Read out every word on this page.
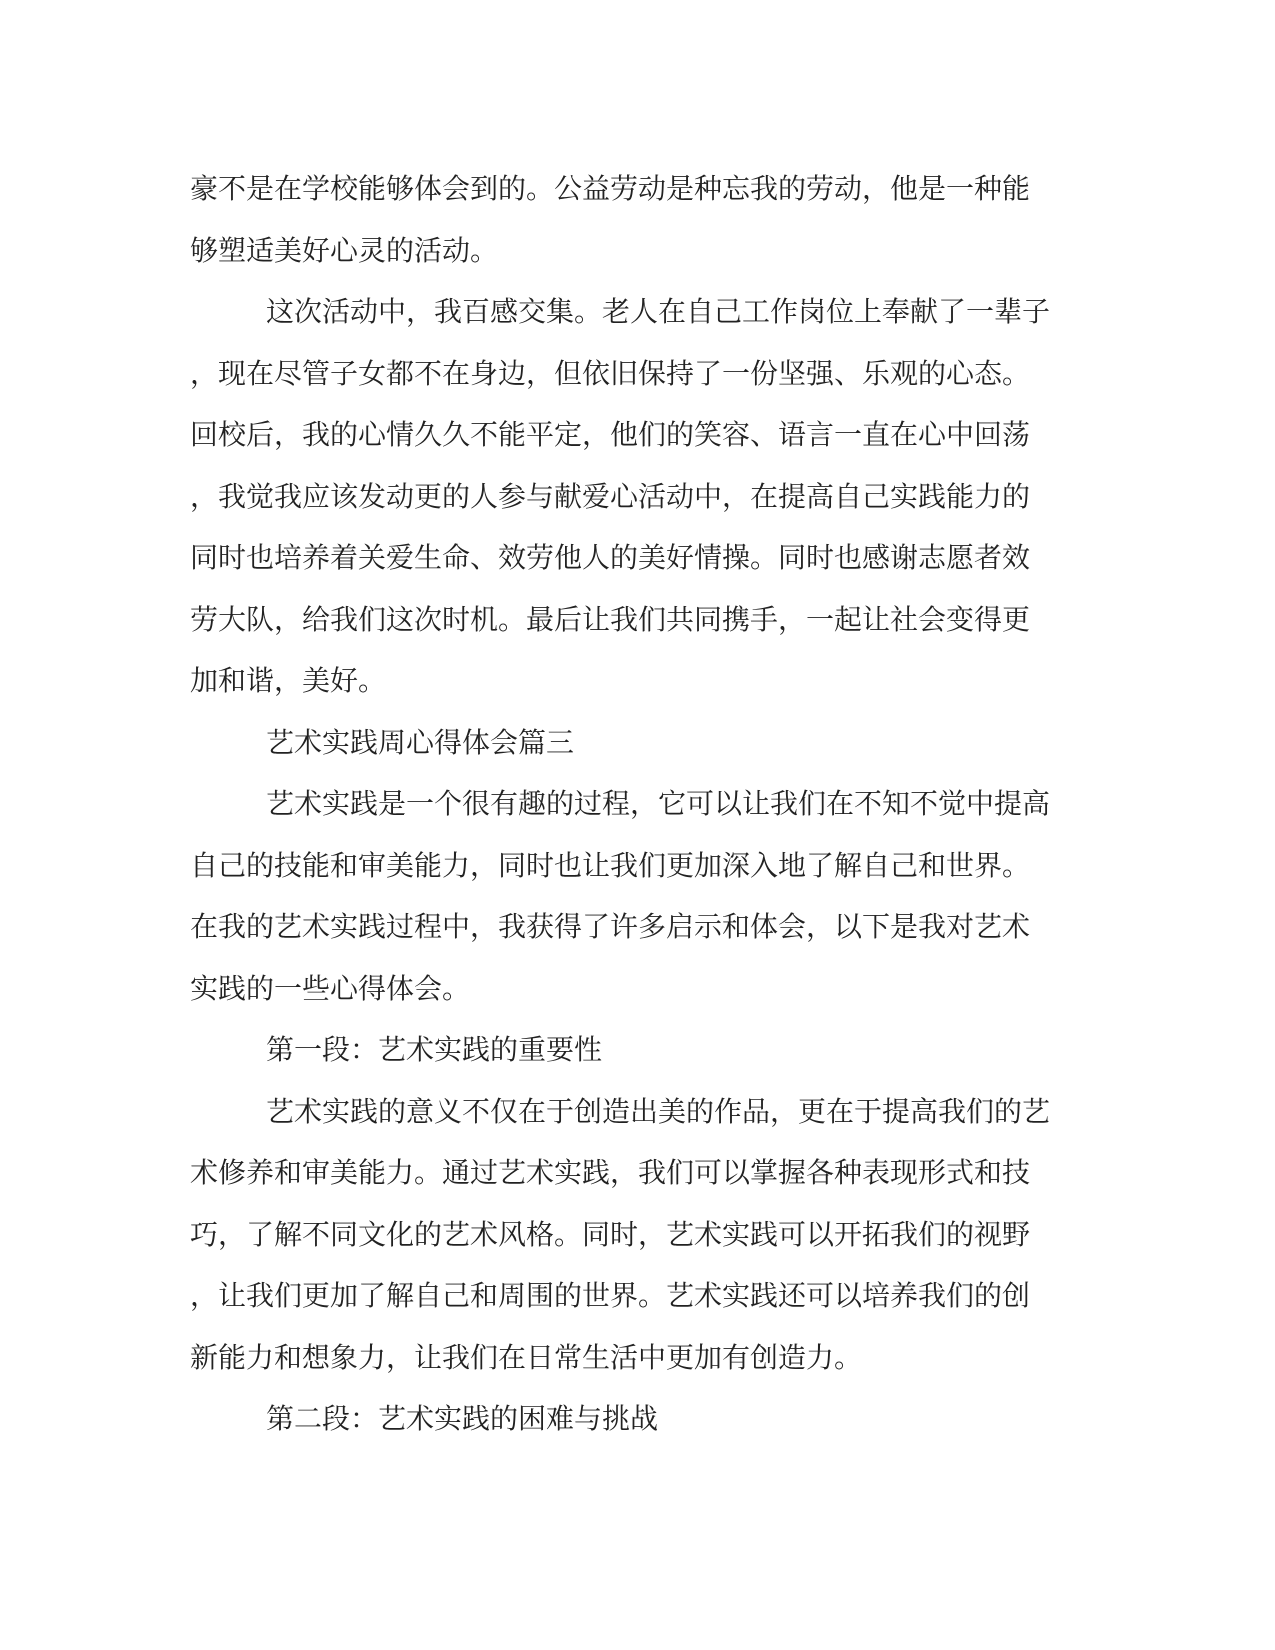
豪不是在学校能够体会到的。公益劳动是种忘我的劳动，他是一种能

够塑适美好心灵的活动。

这次活动中，我百感交集。老人在自己工作岗位上奉献了一辈子

，现在尽管子女都不在身边，但依旧保持了一份坚强、乐观的心态。

回校后，我的心情久久不能平定，他们的笑容、语言一直在心中回荡

，我觉我应该发动更的人参与献爱心活动中，在提高自己实践能力的

同时也培养着关爱生命、效劳他人的美好情操。同时也感谢志愿者效

劳大队，给我们这次时机。最后让我们共同携手，一起让社会变得更

加和谐，美好。

艺术实践周心得体会篇三

艺术实践是一个很有趣的过程，它可以让我们在不知不觉中提高

自己的技能和审美能力，同时也让我们更加深入地了解自己和世界。

在我的艺术实践过程中，我获得了许多启示和体会，以下是我对艺术

实践的一些心得体会。

第一段：艺术实践的重要性

艺术实践的意义不仅在于创造出美的作品，更在于提高我们的艺

术修养和审美能力。通过艺术实践，我们可以掌握各种表现形式和技

巧，了解不同文化的艺术风格。同时，艺术实践可以开拓我们的视野

，让我们更加了解自己和周围的世界。艺术实践还可以培养我们的创

新能力和想象力，让我们在日常生活中更加有创造力。

第二段：艺术实践的困难与挑战
